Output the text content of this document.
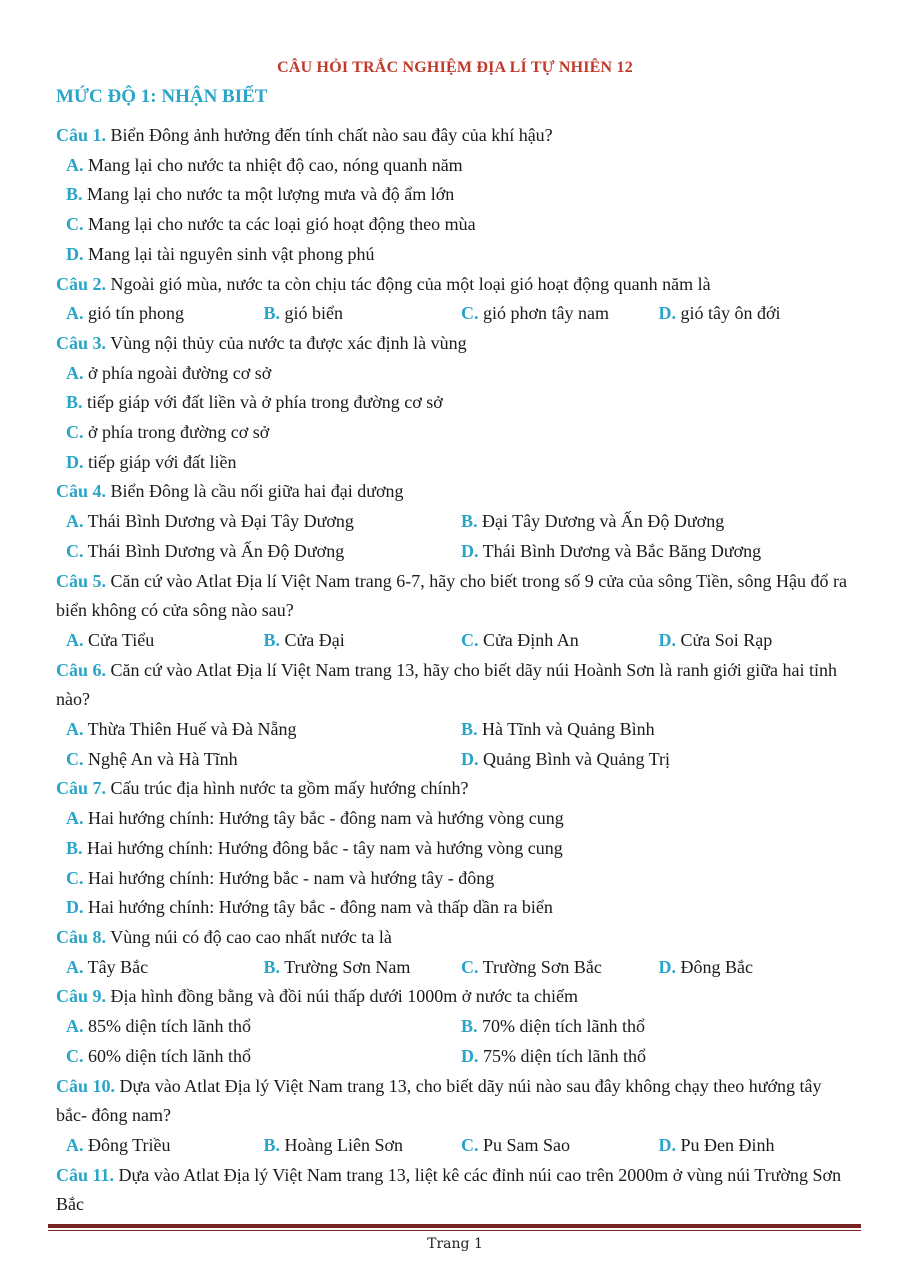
CÂU HỎI TRẮC NGHIỆM ĐỊA LÍ TỰ NHIÊN 12
MỨC ĐỘ 1: NHẬN BIẾT

Câu 1. Biển Đông ảnh hưởng đến tính chất nào sau đây của khí hậu?

A. Mang lại cho nước ta nhiệt độ cao, nóng quanh năm
B. Mang lại cho nước ta một lượng mưa và độ ẩm lớn
C. Mang lại cho nước ta các loại gió hoạt động theo mùa
D. Mang lại tài nguyên sinh vật phong phú

Câu 2. Ngoài gió mùa, nước ta còn chịu tác động của một loại gió hoạt động quanh năm là

A. gió tín phong	B. gió biển	C. gió phơn tây nam	D. gió tây ôn đới

Câu 3. Vùng nội thủy của nước ta được xác định là vùng

A. ở phía ngoài đường cơ sở
B. tiếp giáp với đất liền và ở phía trong đường cơ sở
C. ở phía trong đường cơ sở
D. tiếp giáp với đất liền

Câu 4. Biển Đông là cầu nối giữa hai đại dương

A. Thái Bình Dương và Đại Tây Dương	B. Đại Tây Dương và Ấn Độ Dương
C. Thái Bình Dương và Ấn Độ Dương	D. Thái Bình Dương và Bắc Băng Dương

Câu 5. Căn cứ vào Atlat Địa lí Việt Nam trang 6-7, hãy cho biết trong số 9 cửa của sông Tiền, sông Hậu đổ ra biển không có cửa sông nào sau?

A. Cửa Tiểu	B. Cửa Đại	C. Cửa Định An	D. Cửa Soi Rạp

Câu 6. Căn cứ vào Atlat Địa lí Việt Nam trang 13, hãy cho biết dãy núi Hoành Sơn là ranh giới giữa hai tỉnh nào?

A. Thừa Thiên Huế và Đà Nẵng	B. Hà Tĩnh và Quảng Bình
C. Nghệ An và Hà Tĩnh	D. Quảng Bình và Quảng Trị

Câu 7. Cấu trúc địa hình nước ta gồm mấy hướng chính?

A. Hai hướng chính: Hướng tây bắc - đông nam và hướng vòng cung
B. Hai hướng chính: Hướng đông bắc - tây nam và hướng vòng cung
C. Hai hướng chính: Hướng bắc - nam và hướng tây - đông
D. Hai hướng chính: Hướng tây bắc - đông nam và thấp dần ra biển

Câu 8. Vùng núi có độ cao cao nhất nước ta là

A. Tây Bắc	B. Trường Sơn Nam	C. Trường Sơn Bắc	D. Đông Bắc

Câu 9. Địa hình đồng bằng và đồi núi thấp dưới 1000m ở nước ta chiếm

A. 85% diện tích lãnh thổ	B. 70% diện tích lãnh thổ
C. 60% diện tích lãnh thổ	D. 75% diện tích lãnh thổ

Câu 10. Dựa vào Atlat Địa lý Việt Nam trang 13, cho biết dãy núi nào sau đây không chạy theo hướng tây bắc- đông nam?

A. Đông Triều	B. Hoàng Liên Sơn	C. Pu Sam Sao	D. Pu Đen Đinh

Câu 11. Dựa vào Atlat Địa lý Việt Nam trang 13, liệt kê các đỉnh núi cao trên 2000m ở vùng núi Trường Sơn Bắc

Trang 1
